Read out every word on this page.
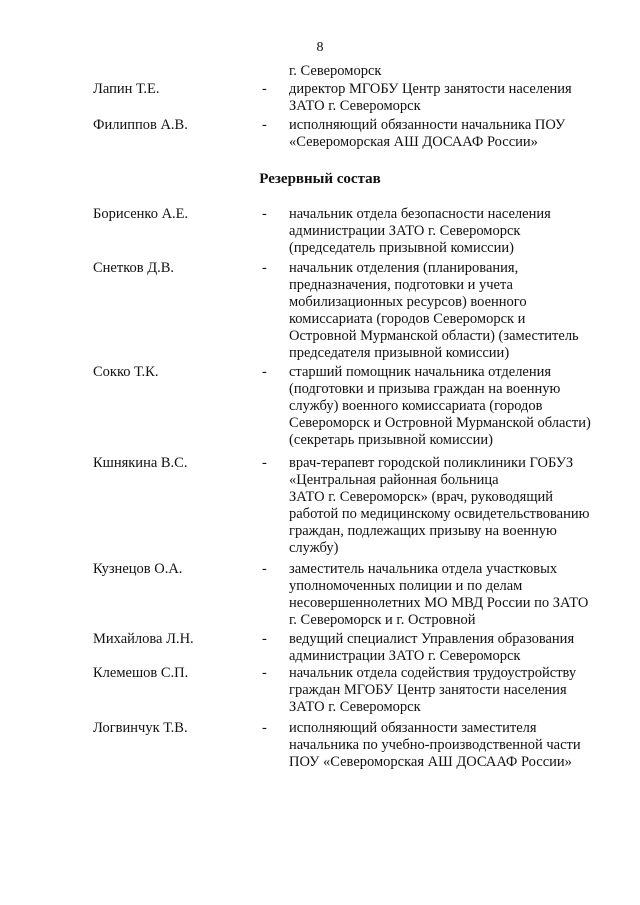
8
г. Североморск
Лапин Т.Е.	- директор МГОБУ Центр занятости населения
ЗАТО г. Североморск
Филиппов А.В.	- исполняющий обязанности начальника ПОУ
«Североморская АШ ДОСААФ России»
Резервный состав
Борисенко А.Е.	- начальник отдела безопасности населения
администрации ЗАТО г. Североморск
(председатель призывной комиссии)
Снетков Д.В.	- начальник отделения (планирования,
предназначения, подготовки и учета
мобилизационных ресурсов) военного
комиссариата (городов Североморск и
Островной Мурманской области) (заместитель
председателя призывной комиссии)
Сокко Т.К.	- старший помощник начальника отделения
(подготовки и призыва граждан на военную
службу) военного комиссариата (городов
Североморск и Островной Мурманской области)
(секретарь призывной комиссии)
Кшнякина В.С.	- врач-терапевт городской поликлиники ГОБУЗ
«Центральная районная больница
ЗАТО г. Североморск» (врач, руководящий
работой по медицинскому освидетельствованию
граждан, подлежащих призыву на военную
службу)
Кузнецов О.А.	- заместитель начальника отдела участковых
уполномоченных полиции и по делам
несовершеннолетних МО МВД России по ЗАТО
г. Североморск и г. Островной
Михайлова Л.Н.	- ведущий специалист Управления образования
администрации ЗАТО г. Североморск
Клемешов С.П.	- начальник отдела содействия трудоустройству
граждан МГОБУ Центр занятости населения
ЗАТО г. Североморск
Логвинчук Т.В.	- исполняющий обязанности заместителя
начальника по учебно-производственной части
ПОУ «Североморская АШ ДОСААФ России»
